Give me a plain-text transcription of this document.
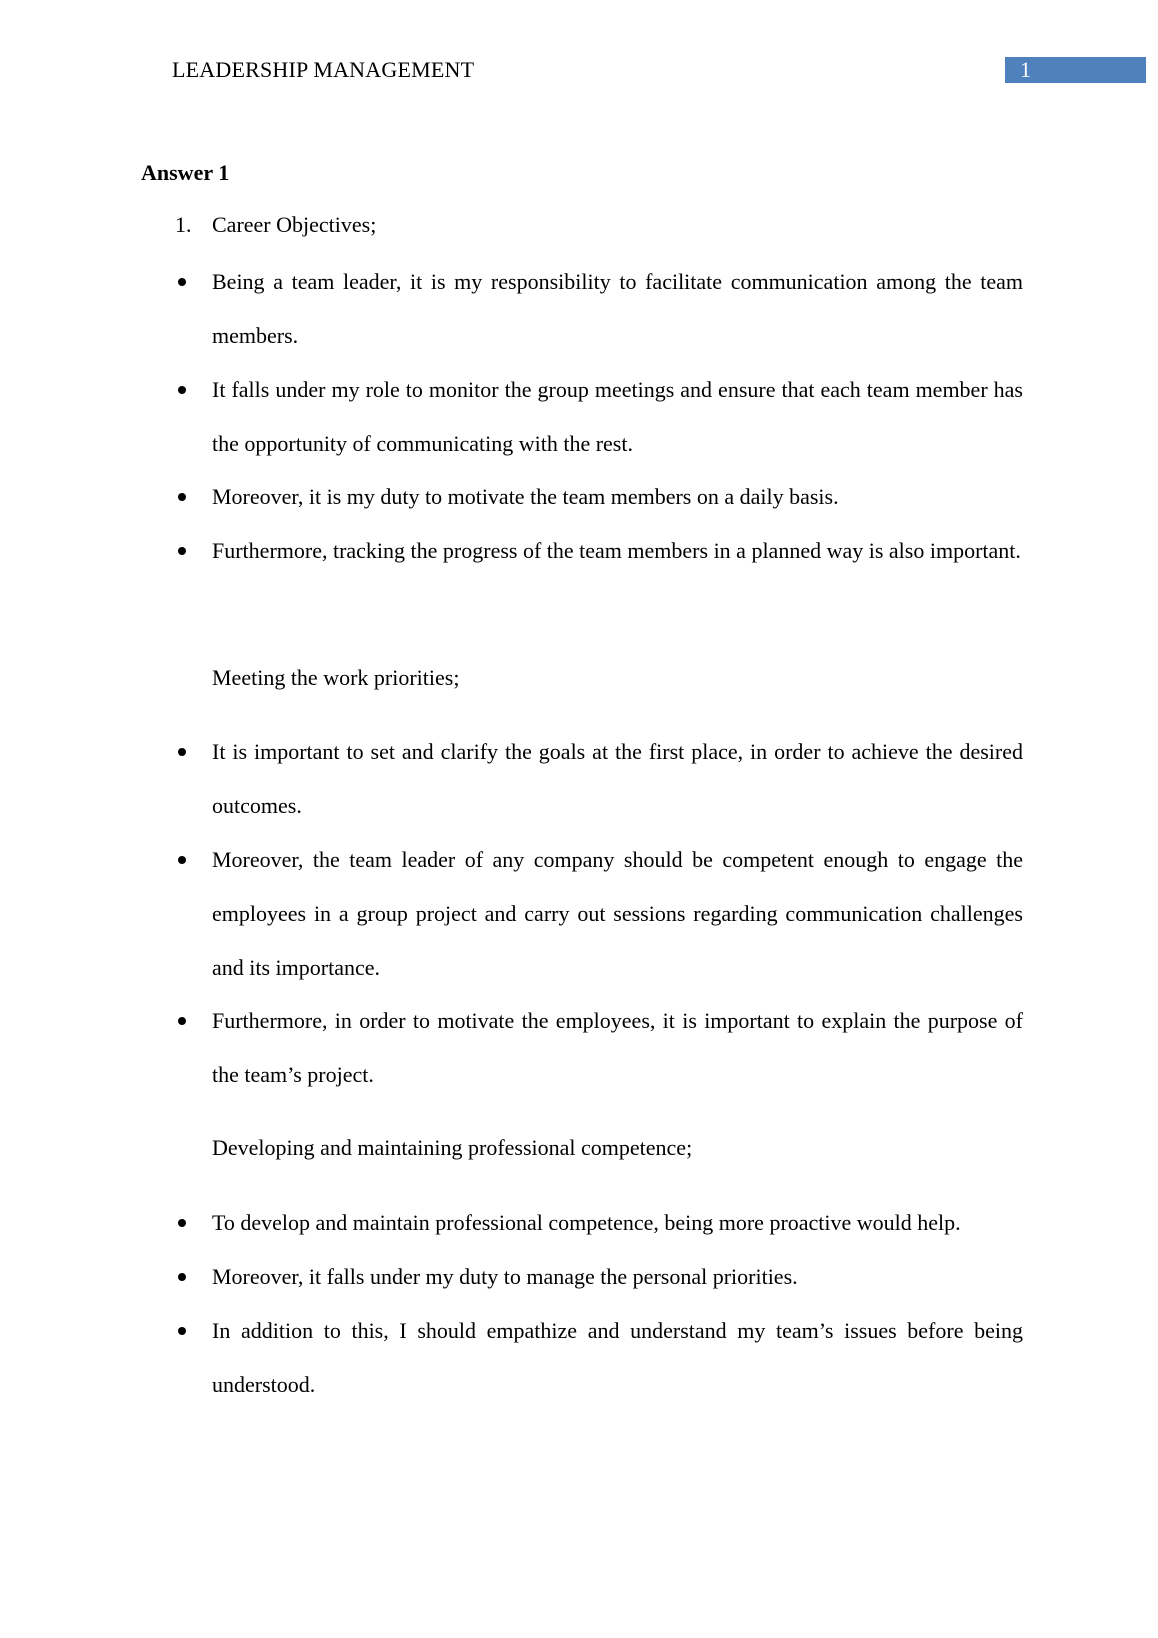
LEADERSHIP MANAGEMENT	1
Answer 1
1. Career Objectives;
Being a team leader, it is my responsibility to facilitate communication among the team members.
It falls under my role to monitor the group meetings and ensure that each team member has the opportunity of communicating with the rest.
Moreover, it is my duty to motivate the team members on a daily basis.
Furthermore, tracking the progress of the team members in a planned way is also important.
Meeting the work priorities;
It is important to set and clarify the goals at the first place, in order to achieve the desired outcomes.
Moreover, the team leader of any company should be competent enough to engage the employees in a group project and carry out sessions regarding communication challenges and its importance.
Furthermore, in order to motivate the employees, it is important to explain the purpose of the team’s project.
Developing and maintaining professional competence;
To develop and maintain professional competence, being more proactive would help.
Moreover, it falls under my duty to manage the personal priorities.
In addition to this, I should empathize and understand my team’s issues before being understood.
